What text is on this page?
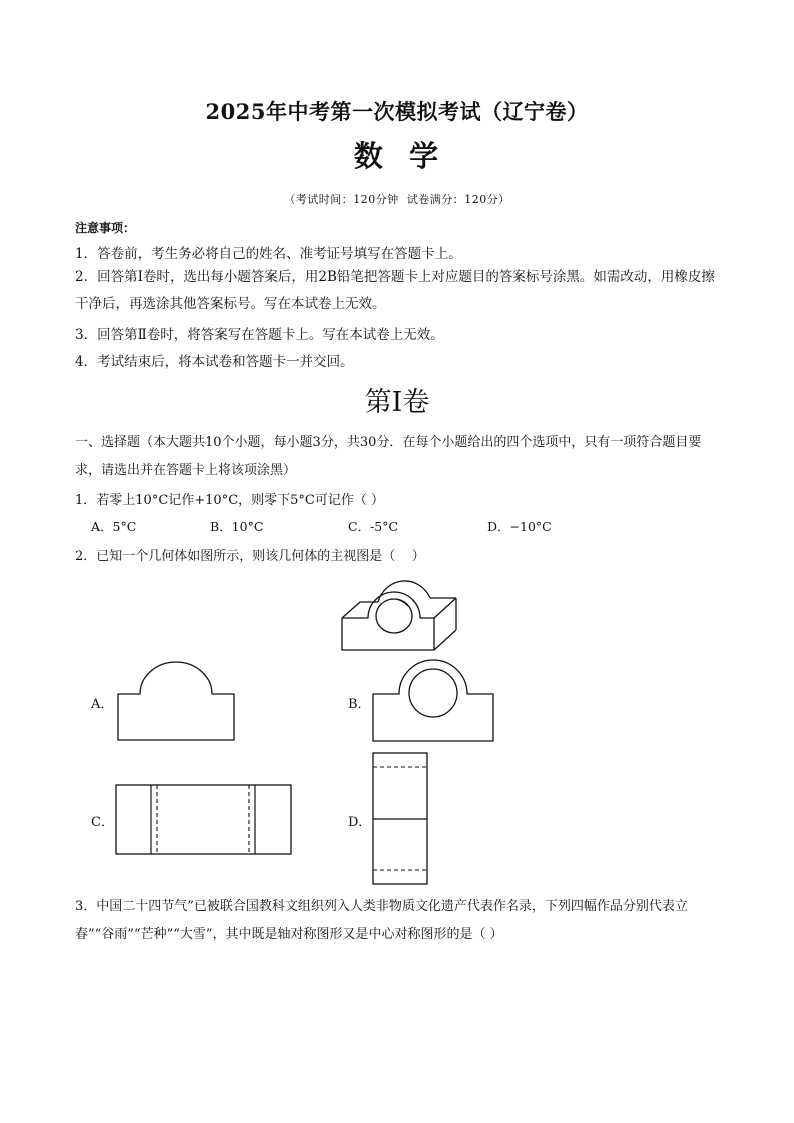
2025年中考第一次模拟考试（辽宁卷）
数  学
（考试时间：120分钟  试卷满分：120分）
注意事项：
1．答卷前，考生务必将自己的姓名、准考证号填写在答题卡上。
2．回答第Ⅰ卷时，选出每小题答案后，用2B铅笔把答题卡上对应题目的答案标号涂黑。如需改动，用橡皮擦干净后，再选涂其他答案标号。写在本试卷上无效。
3．回答第Ⅱ卷时，将答案写在答题卡上。写在本试卷上无效。
4．考试结束后，将本试卷和答题卡一并交回。
第Ⅰ卷
一、选择题（本大题共10个小题，每小题3分，共30分．在每个小题给出的四个选项中，只有一项符合题目要求，请选出并在答题卡上将该项涂黑）
1．若零上10°C记作+10°C，则零下5°C可记作（ ）
A．5°C	B．10°C	C．-5°C	D．−10°C
2．已知一个几何体如图所示，则该几何体的主视图是（    ）
A．	B．
C．	D．
3．中国二十四节气”已被联合国教科文组织列入人类非物质文化遗产代表作名录，下列四幅作品分别代表立春”“谷雨”“芒种”“大雪”，其中既是轴对称图形又是中心对称图形的是（ ）
